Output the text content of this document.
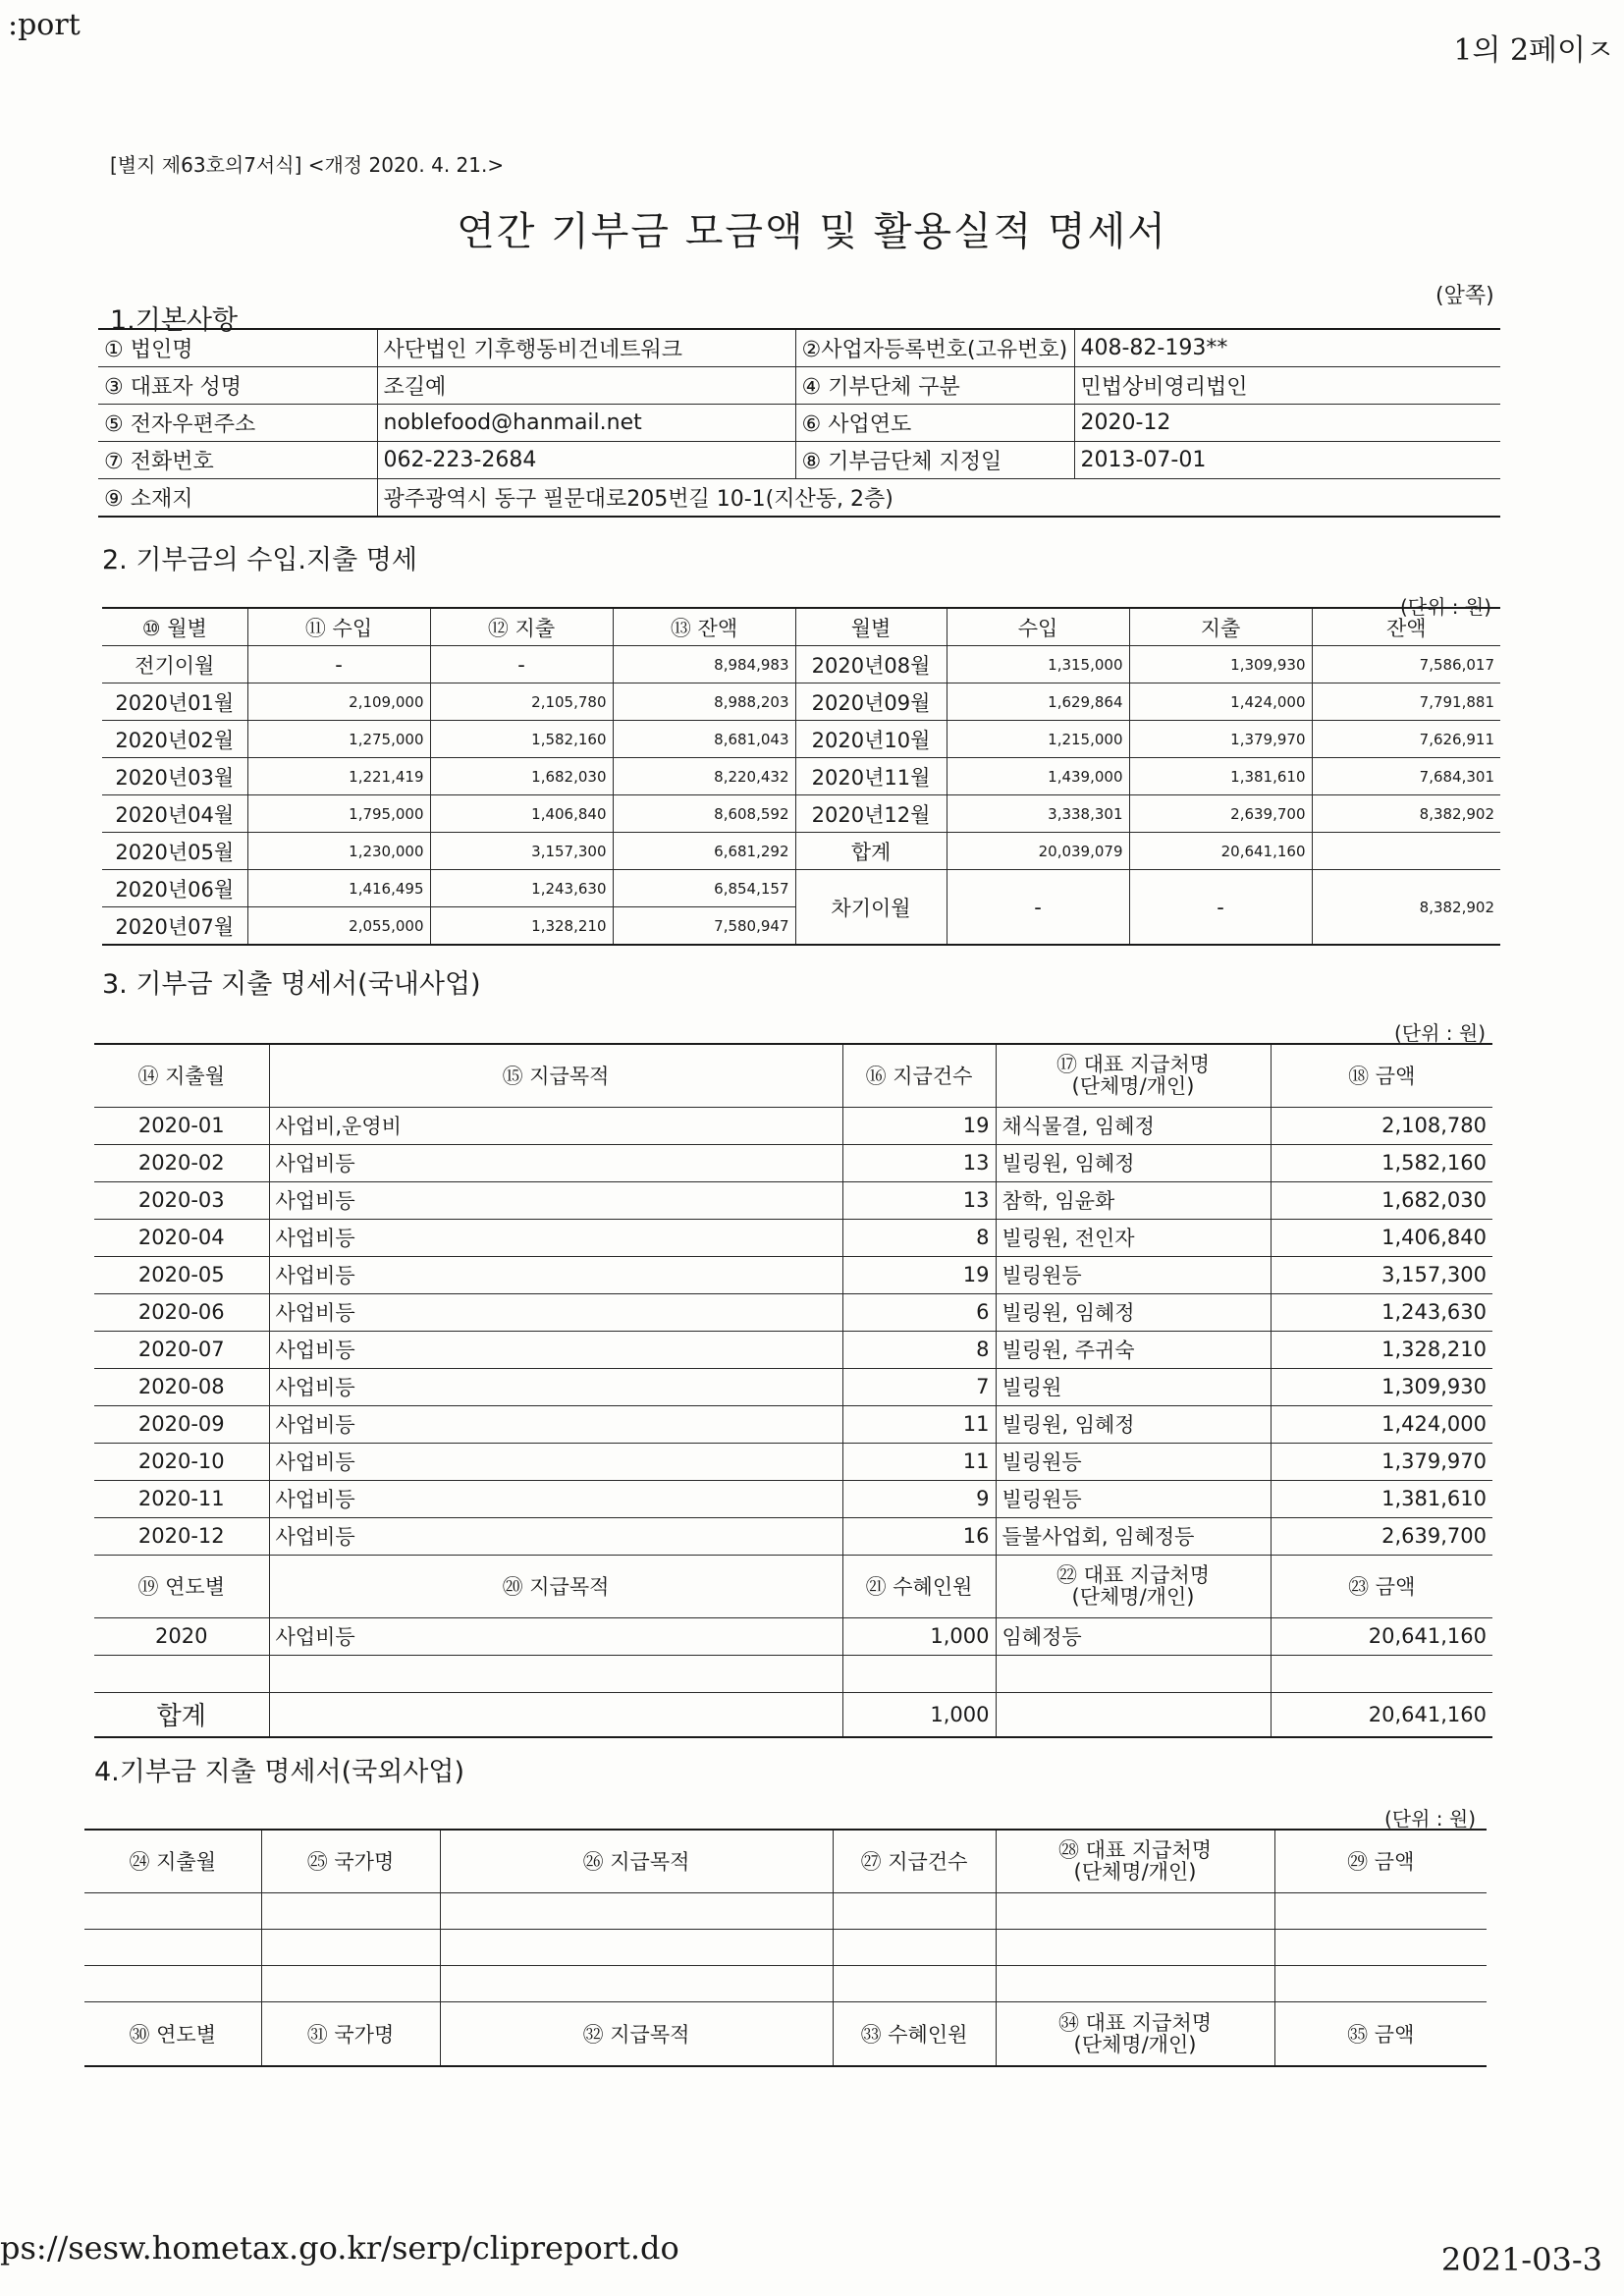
:port
1의 2페이ㅈ
[별지 제63호의7서식] <개정 2020. 4. 21.>
연간 기부금 모금액 및 활용실적 명세서
(앞쪽)
1.기본사항
① 법인명	사단법인 기후행동비건네트워크	②사업자등록번호(고유번호)	408-82-193**
③ 대표자 성명	조길예	④ 기부단체 구분	민법상비영리법인
⑤ 전자우편주소	noblefood@hanmail.net	⑥ 사업연도	2020-12
⑦ 전화번호	062-223-2684	⑧ 기부금단체 지정일	2013-07-01
⑨ 소재지	광주광역시 동구 필문대로205번길 10-1(지산동, 2층)		
2. 기부금의 수입.지출 명세
(단위 : 원)
⑩ 월별	⑪ 수입	⑫ 지출	⑬ 잔액	월별	수입	지출	잔액
전기이월	-	-	8,984,983	2020년08월	1,315,000	1,309,930	7,586,017
2020년01월	2,109,000	2,105,780	8,988,203	2020년09월	1,629,864	1,424,000	7,791,881
2020년02월	1,275,000	1,582,160	8,681,043	2020년10월	1,215,000	1,379,970	7,626,911
2020년03월	1,221,419	1,682,030	8,220,432	2020년11월	1,439,000	1,381,610	7,684,301
2020년04월	1,795,000	1,406,840	8,608,592	2020년12월	3,338,301	2,639,700	8,382,902
2020년05월	1,230,000	3,157,300	6,681,292	합계	20,039,079	20,641,160	
2020년06월	1,416,495	1,243,630	6,854,157	차기이월	-	-	8,382,902
2020년07월	2,055,000	1,328,210	7,580,947				
3. 기부금 지출 명세서(국내사업)
(단위 : 원)
⑭ 지출월	⑮ 지급목적	⑯ 지급건수	⑰ 대표 지급처명
(단체명/개인)	⑱ 금액
2020-01	사업비,운영비	19	채식물결, 임혜정	2,108,780
2020-02	사업비등	13	빌링원, 임혜정	1,582,160
2020-03	사업비등	13	참학, 임윤화	1,682,030
2020-04	사업비등	8	빌링원, 전인자	1,406,840
2020-05	사업비등	19	빌링원등	3,157,300
2020-06	사업비등	6	빌링원, 임혜정	1,243,630
2020-07	사업비등	8	빌링원, 주귀숙	1,328,210
2020-08	사업비등	7	빌링원	1,309,930
2020-09	사업비등	11	빌링원, 임혜정	1,424,000
2020-10	사업비등	11	빌링원등	1,379,970
2020-11	사업비등	9	빌링원등	1,381,610
2020-12	사업비등	16	들불사업회, 임혜정등	2,639,700
⑲ 연도별	⑳ 지급목적	㉑ 수혜인원	㉒ 대표 지급처명
(단체명/개인)	㉓ 금액
2020	사업비등	1,000	임혜정등	20,641,160

합계		1,000		20,641,160
4.기부금 지출 명세서(국외사업)
(단위 : 원)
㉔ 지출월	㉕ 국가명	㉖ 지급목적	㉗ 지급건수	㉘ 대표 지급처명
(단체명/개인)	㉙ 금액

㉚ 연도별	㉛ 국가명	㉜ 지급목적	㉝ 수혜인원	㉞ 대표 지급처명
(단체명/개인)	㉟ 금액
ps://sesw.hometax.go.kr/serp/clipreport.do	2021-03-3
